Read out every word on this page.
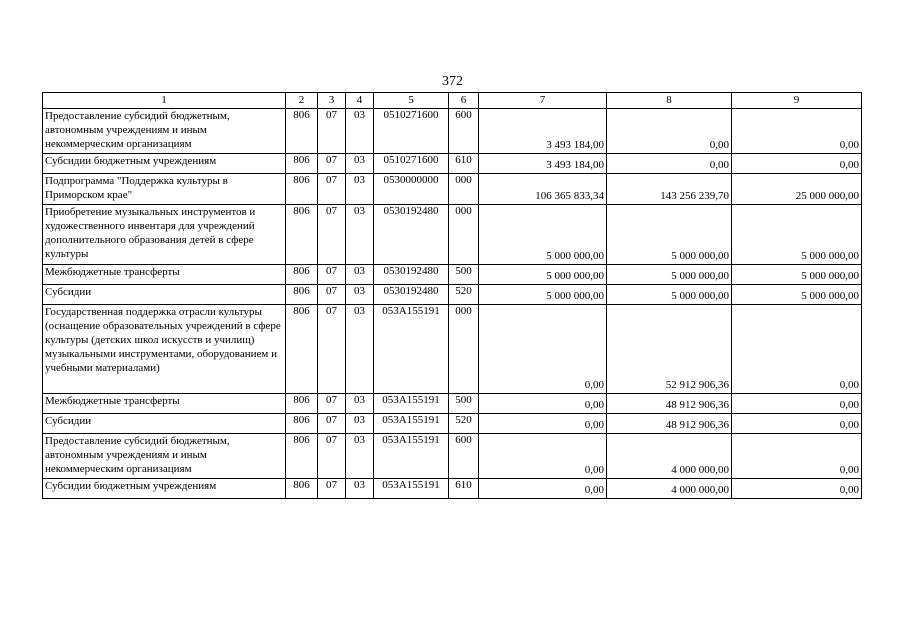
372
1	2	3	4	5	6	7	8	9
Предоставление субсидий бюджетным, автономным учреждениям и иным некоммерческим организациям	806	07	03	0510271600	600	3 493 184,00	0,00	0,00
Субсидии бюджетным учреждениям	806	07	03	0510271600	610	3 493 184,00	0,00	0,00
Подпрограмма "Поддержка культуры в Приморском крае"	806	07	03	0530000000	000	106 365 833,34	143 256 239,70	25 000 000,00
Приобретение музыкальных инструментов и художественного инвентаря для учреждений дополнительного образования детей в сфере культуры	806	07	03	0530192480	000	5 000 000,00	5 000 000,00	5 000 000,00
Межбюджетные трансферты	806	07	03	0530192480	500	5 000 000,00	5 000 000,00	5 000 000,00
Субсидии	806	07	03	0530192480	520	5 000 000,00	5 000 000,00	5 000 000,00
Государственная поддержка отрасли культуры (оснащение образовательных учреждений в сфере культуры (детских школ искусств и училищ) музыкальными инструментами, оборудованием и учебными материалами)	806	07	03	053A155191	000	0,00	52 912 906,36	0,00
Межбюджетные трансферты	806	07	03	053A155191	500	0,00	48 912 906,36	0,00
Субсидии	806	07	03	053A155191	520	0,00	48 912 906,36	0,00
Предоставление субсидий бюджетным, автономным учреждениям и иным некоммерческим организациям	806	07	03	053A155191	600	0,00	4 000 000,00	0,00
Субсидии бюджетным учреждениям	806	07	03	053A155191	610	0,00	4 000 000,00	0,00
